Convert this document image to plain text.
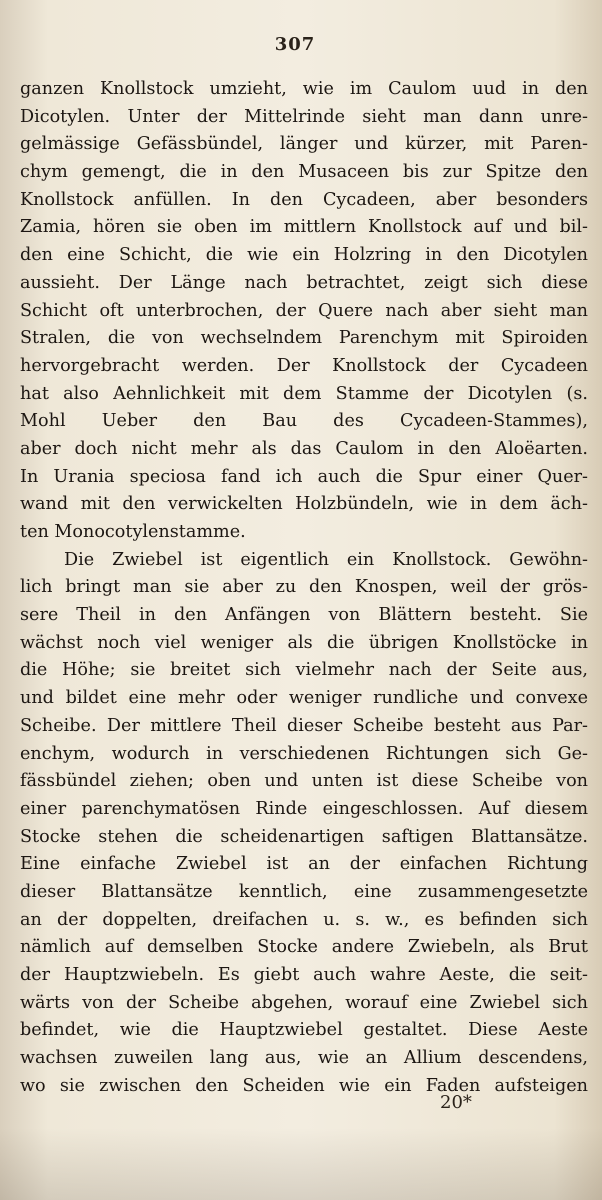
307
ganzen Knollstock umzieht, wie im Caulom uud in den
Dicotylen. Unter der Mittelrinde sieht man dann unre-
gelmässige Gefässbündel, länger und kürzer, mit Paren-
chym gemengt, die in den Musaceen bis zur Spitze den
Knollstock anfüllen. In den Cycadeen, aber besonders
Zamia, hören sie oben im mittlern Knollstock auf und bil-
den eine Schicht, die wie ein Holzring in den Dicotylen
aussieht. Der Länge nach betrachtet, zeigt sich diese
Schicht oft unterbrochen, der Quere nach aber sieht man
Stralen, die von wechselndem Parenchym mit Spiroiden
hervorgebracht werden. Der Knollstock der Cycadeen
hat also Aehnlichkeit mit dem Stamme der Dicotylen (s.
Mohl Ueber den Bau des Cycadeen-Stammes),
aber doch nicht mehr als das Caulom in den Aloëarten.
In Urania speciosa fand ich auch die Spur einer Quer-
wand mit den verwickelten Holzbündeln, wie in dem äch-
ten Monocotylenstamme.
Die Zwiebel ist eigentlich ein Knollstock. Gewöhn-
lich bringt man sie aber zu den Knospen, weil der grös-
sere Theil in den Anfängen von Blättern besteht. Sie
wächst noch viel weniger als die übrigen Knollstöcke in
die Höhe; sie breitet sich vielmehr nach der Seite aus,
und bildet eine mehr oder weniger rundliche und convexe
Scheibe. Der mittlere Theil dieser Scheibe besteht aus Par-
enchym, wodurch in verschiedenen Richtungen sich Ge-
fässbündel ziehen; oben und unten ist diese Scheibe von
einer parenchymatösen Rinde eingeschlossen. Auf diesem
Stocke stehen die scheidenartigen saftigen Blattansätze.
Eine einfache Zwiebel ist an der einfachen Richtung
dieser Blattansätze kenntlich, eine zusammengesetzte
an der doppelten, dreifachen u. s. w., es befinden sich
nämlich auf demselben Stocke andere Zwiebeln, als Brut
der Hauptzwiebeln. Es giebt auch wahre Aeste, die seit-
wärts von der Scheibe abgehen, worauf eine Zwiebel sich
befindet, wie die Hauptzwiebel gestaltet. Diese Aeste
wachsen zuweilen lang aus, wie an Allium descendens,
wo sie zwischen den Scheiden wie ein Faden aufsteigen
20*
